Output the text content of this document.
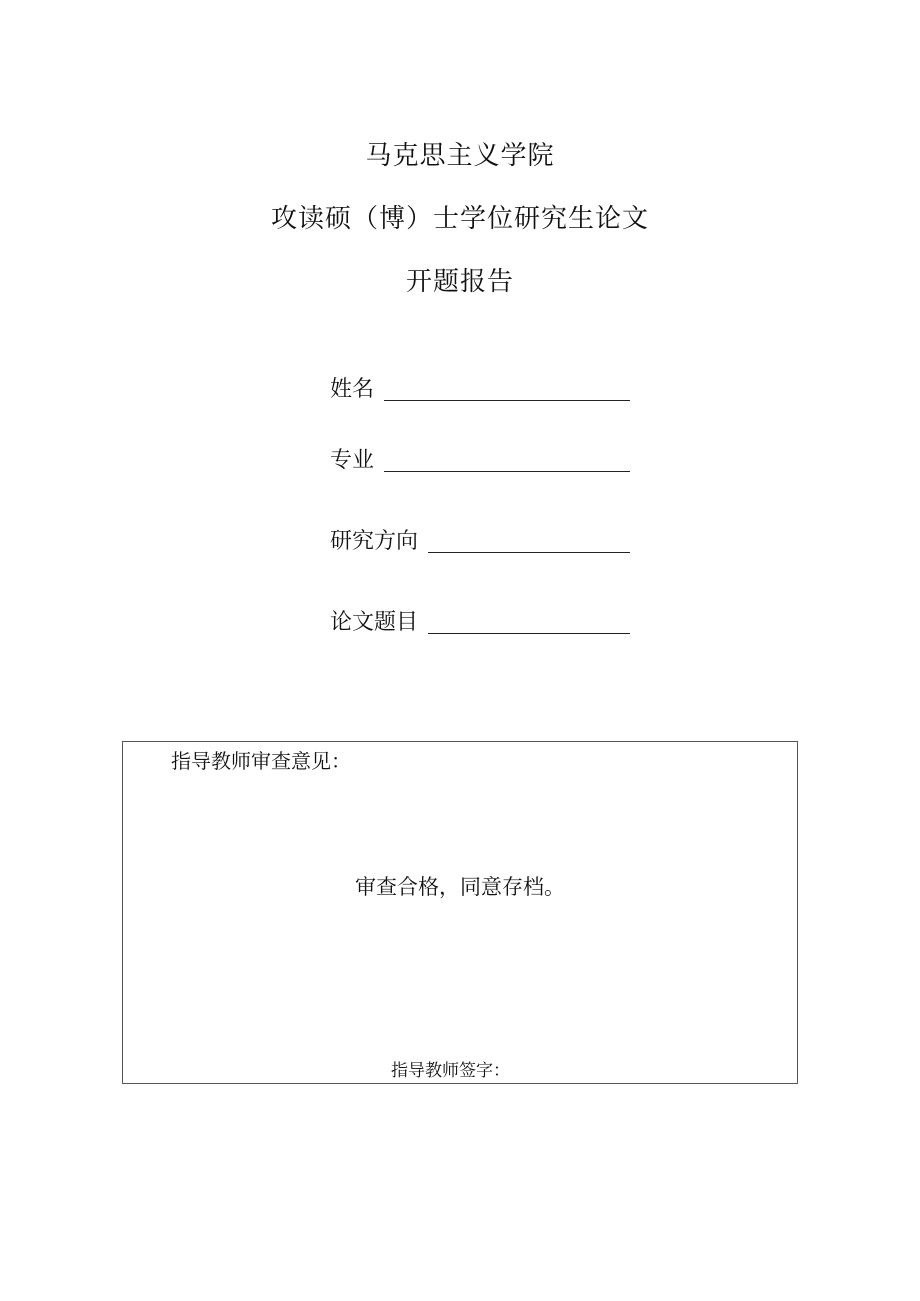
马克思主义学院
攻读硕（博）士学位研究生论文
开题报告
姓名
专业
研究方向
论文题目
指导教师审查意见：
审查合格，同意存档。
指导教师签字：
